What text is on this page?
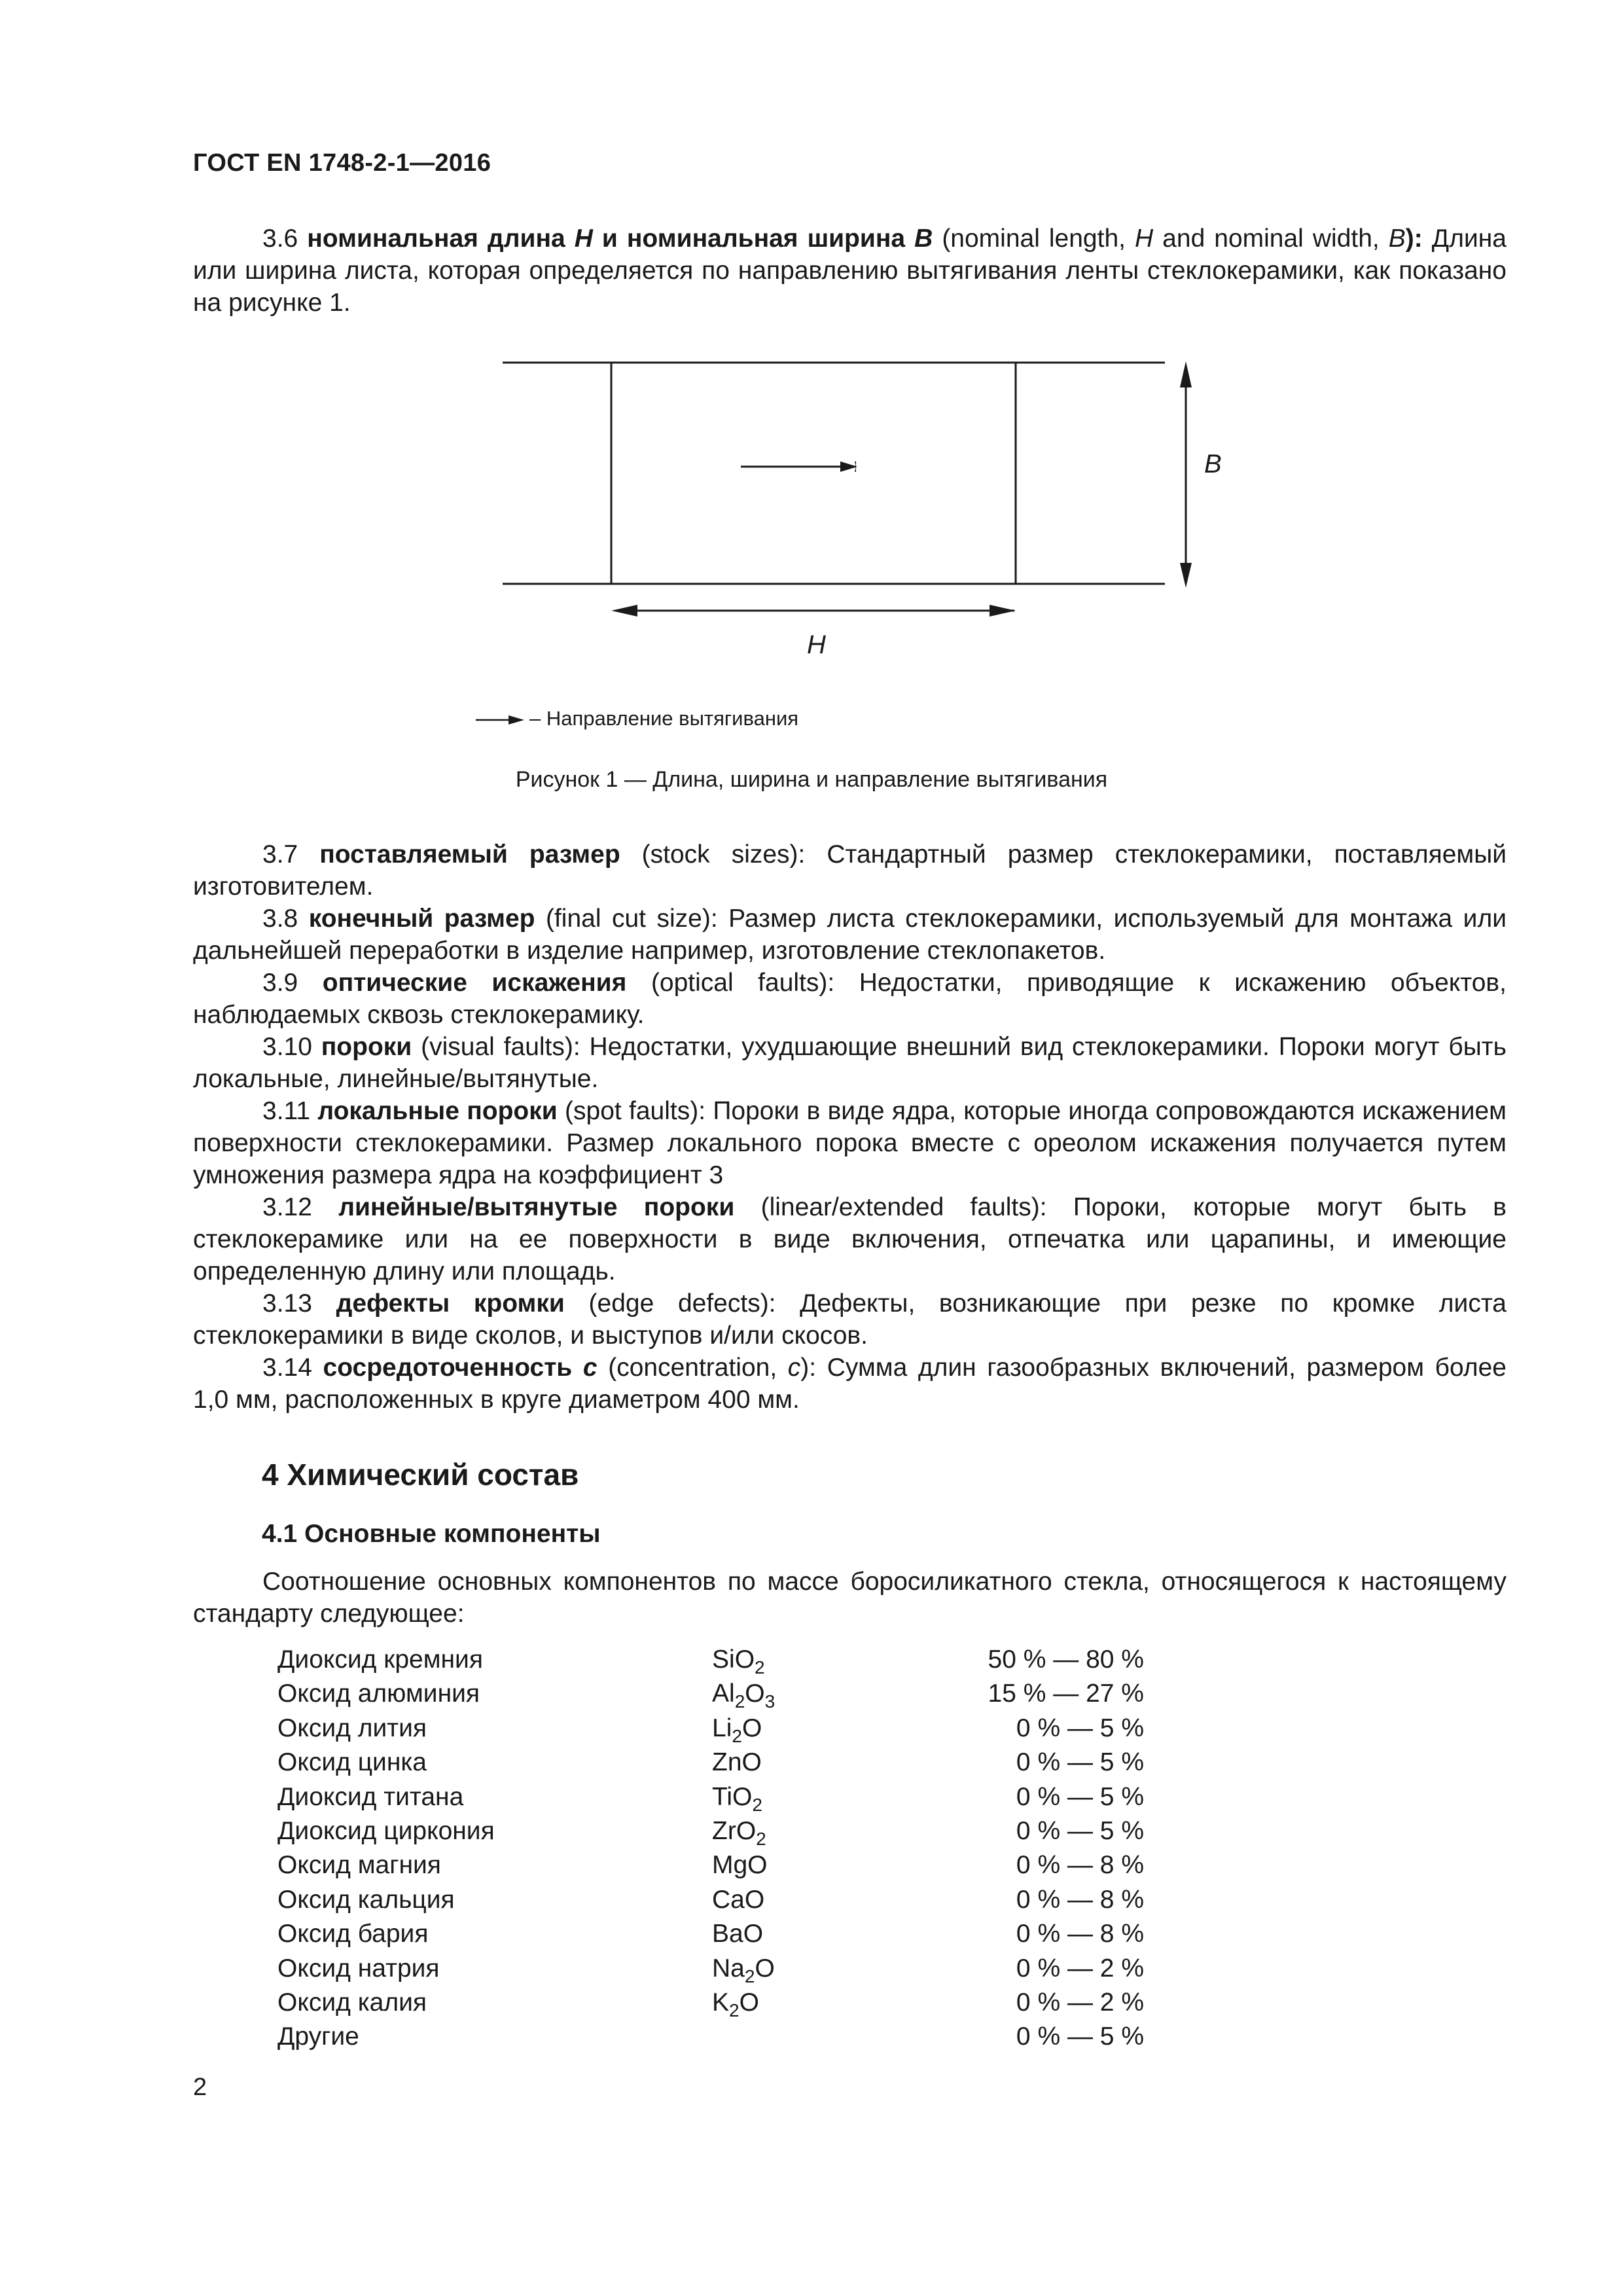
ГОСТ EN 1748-2-1—2016
3.6 номинальная длина H и номинальная ширина B (nominal length, H and nominal width, B): Длина или ширина листа, которая определяется по направлению вытягивания ленты стеклокерамики, как показано на рисунке 1.
B
H
– Направление вытягивания
Рисунок 1 — Длина, ширина и направление вытягивания
3.7 поставляемый размер (stock sizes): Стандартный размер стеклокерамики, поставляемый изготовителем.
3.8 конечный размер (final cut size): Размер листа стеклокерамики, используемый для монтажа или дальнейшей переработки в изделие например, изготовление стеклопакетов.
3.9 оптические искажения (optical faults): Недостатки, приводящие к искажению объектов, наблюдаемых сквозь стеклокерамику.
3.10 пороки (visual faults): Недостатки, ухудшающие внешний вид стеклокерамики. Пороки могут быть локальные, линейные/вытянутые.
3.11 локальные пороки (spot faults): Пороки в виде ядра, которые иногда сопровождаются искажением поверхности стеклокерамики. Размер локального порока вместе с ореолом искажения получается путем умножения размера ядра на коэффициент 3
3.12 линейные/вытянутые пороки (linear/extended faults): Пороки, которые могут быть в стеклокерамике или на ее поверхности в виде включения, отпечатка или царапины, и имеющие определенную длину или площадь.
3.13 дефекты кромки (edge defects): Дефекты, возникающие при резке по кромке листа стеклокерамики в виде сколов, и выступов и/или скосов.
3.14 сосредоточенность c (concentration, c): Сумма длин газообразных включений, размером более 1,0 мм, расположенных в круге диаметром 400 мм.
4 Химический состав
4.1 Основные компоненты
Соотношение основных компонентов по массе боросиликатного стекла, относящегося к настоящему стандарту следующее:
Диоксид кремния	SiO$_2$	50 % — 80 %
Оксид алюминия	$Al_2O_3$	15 % — 27 %
Оксид лития	$Li_2O$	0 % — 5 %
Оксид цинка	ZnO	0 % — 5 %
Диоксид титана	TiO$_2$	0 % — 5 %
Диоксид циркония	ZrO$_2$	0 % — 5 %
Оксид магния	MgO	0 % — 8 %
Оксид кальция	CaO	0 % — 8 %
Оксид бария	BaO	0 % — 8 %
Оксид натрия	$Na_2O$	0 % — 2 %
Оксид калия	$K_2O$	0 % — 2 %
Другие		0 % — 5 %
2
